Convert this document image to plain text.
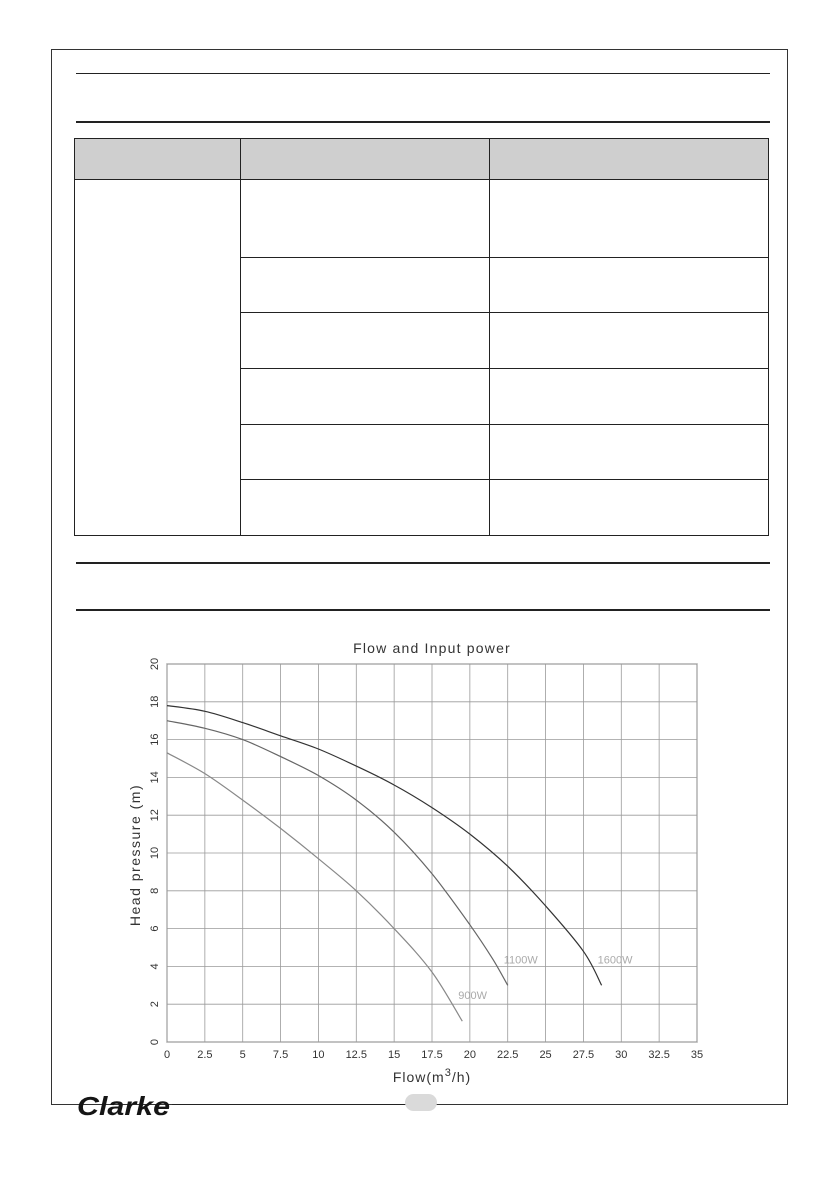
Flow and Input power
0 2.5 5 7.5 10 12.5 15 17.5 20 22.5 25 27.5 30 32.5 35
0
2
4
6
8
10
12
14
16
18
20
1600W
1100W
900W
Head pressure (m)
$Flow(m^3/h)$
Clarke
